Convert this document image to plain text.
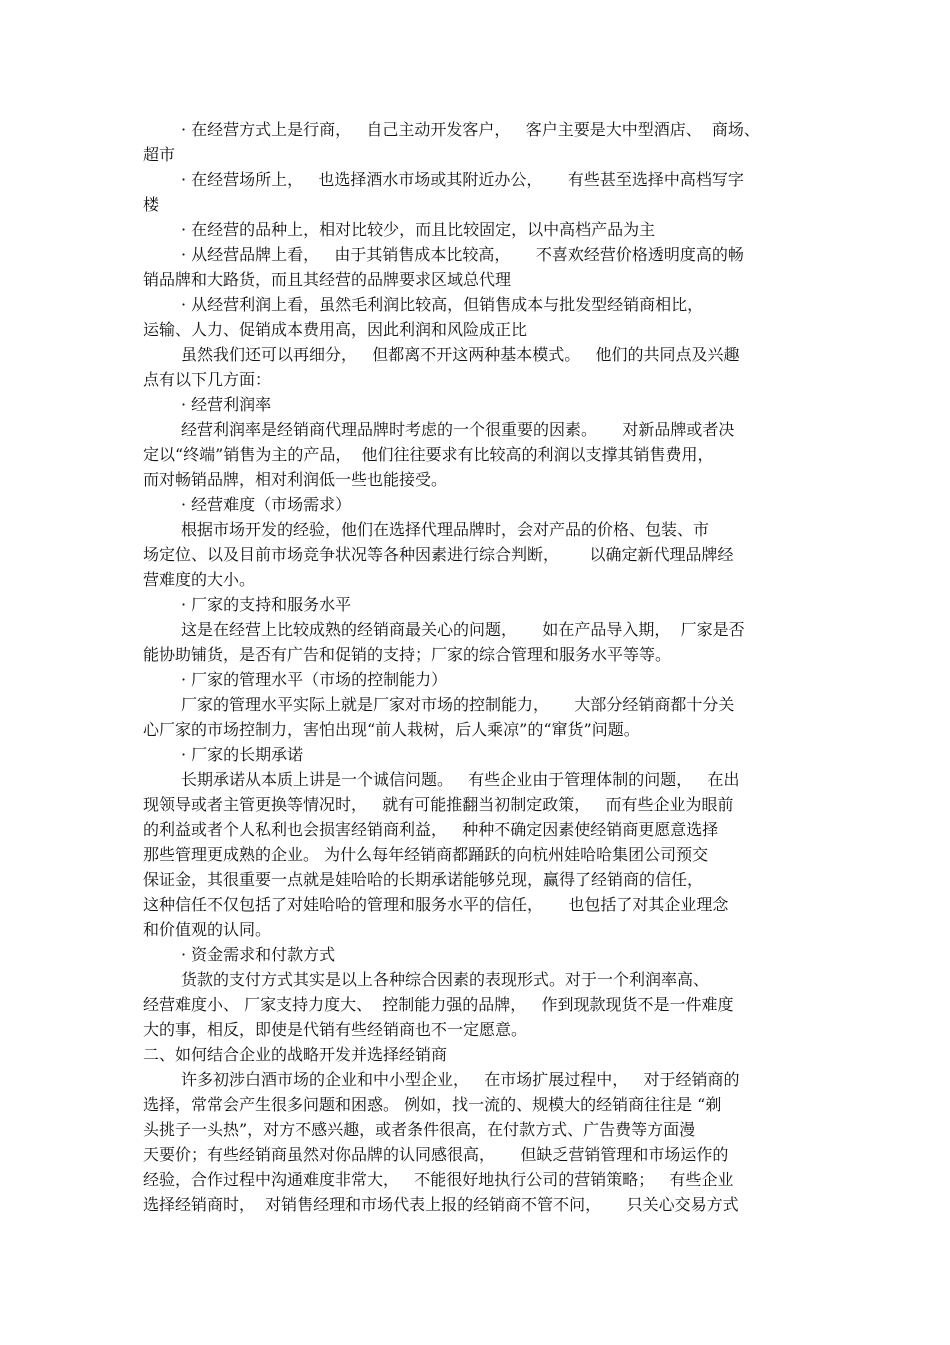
· 在经营方式上是行商，   自己主动开发客户，   客户主要是大中型酒店、  商场、
超市
· 在经营场所上，   也选择酒水市场或其附近办公，     有些甚至选择中高档写字
楼
· 在经营的品种上，相对比较少，而且比较固定，以中高档产品为主
· 从经营品牌上看，   由于其销售成本比较高，     不喜欢经营价格透明度高的畅
销品牌和大路货，而且其经营的品牌要求区域总代理
· 从经营利润上看，虽然毛利润比较高，但销售成本与批发型经销商相比，
运输、人力、促销成本费用高，因此利润和风险成正比
虽然我们还可以再细分，   但都离不开这两种基本模式。   他们的共同点及兴趣
点有以下几方面：
· 经营利润率
经营利润率是经销商代理品牌时考虑的一个很重要的因素。     对新品牌或者决
定以“终端”销售为主的产品，  他们往往要求有比较高的利润以支撑其销售费用，
而对畅销品牌，相对利润低一些也能接受。
· 经营难度（市场需求）
根据市场开发的经验，他们在选择代理品牌时，会对产品的价格、包装、市
场定位、以及目前市场竞争状况等各种因素进行综合判断，      以确定新代理品牌经
营难度的大小。
· 厂家的支持和服务水平
这是在经营上比较成熟的经销商最关心的问题，     如在产品导入期，  厂家是否
能协助铺货，是否有广告和促销的支持；厂家的综合管理和服务水平等等。
· 厂家的管理水平（市场的控制能力）
厂家的管理水平实际上就是厂家对市场的控制能力，     大部分经销商都十分关
心厂家的市场控制力，害怕出现“前人栽树，后人乘凉”的“窜货”问题。
· 厂家的长期承诺
长期承诺从本质上讲是一个诚信问题。   有些企业由于管理体制的问题，   在出
现领导或者主管更换等情况时，   就有可能推翻当初制定政策，   而有些企业为眼前
的利益或者个人私利也会损害经销商利益，   种种不确定因素使经销商更愿意选择
那些管理更成熟的企业。 为什么每年经销商都踊跃的向杭州娃哈哈集团公司预交
保证金，其很重要一点就是娃哈哈的长期承诺能够兑现，赢得了经销商的信任，
这种信任不仅包括了对娃哈哈的管理和服务水平的信任，     也包括了对其企业理念
和价值观的认同。
· 资金需求和付款方式
货款的支付方式其实是以上各种综合因素的表现形式。对于一个利润率高、
经营难度小、 厂家支持力度大、  控制能力强的品牌，   作到现款现货不是一件难度
大的事，相反，即使是代销有些经销商也不一定愿意。
二、如何结合企业的战略开发并选择经销商
许多初涉白酒市场的企业和中小型企业，   在市场扩展过程中，   对于经销商的
选择，常常会产生很多问题和困惑。 例如，找一流的、规模大的经销商往往是 “剃
头挑子一头热”，对方不感兴趣，或者条件很高，在付款方式、广告费等方面漫
天要价；有些经销商虽然对你品牌的认同感很高，     但缺乏营销管理和市场运作的
经验，合作过程中沟通难度非常大，   不能很好地执行公司的营销策略；   有些企业
选择经销商时，  对销售经理和市场代表上报的经销商不管不问，     只关心交易方式
